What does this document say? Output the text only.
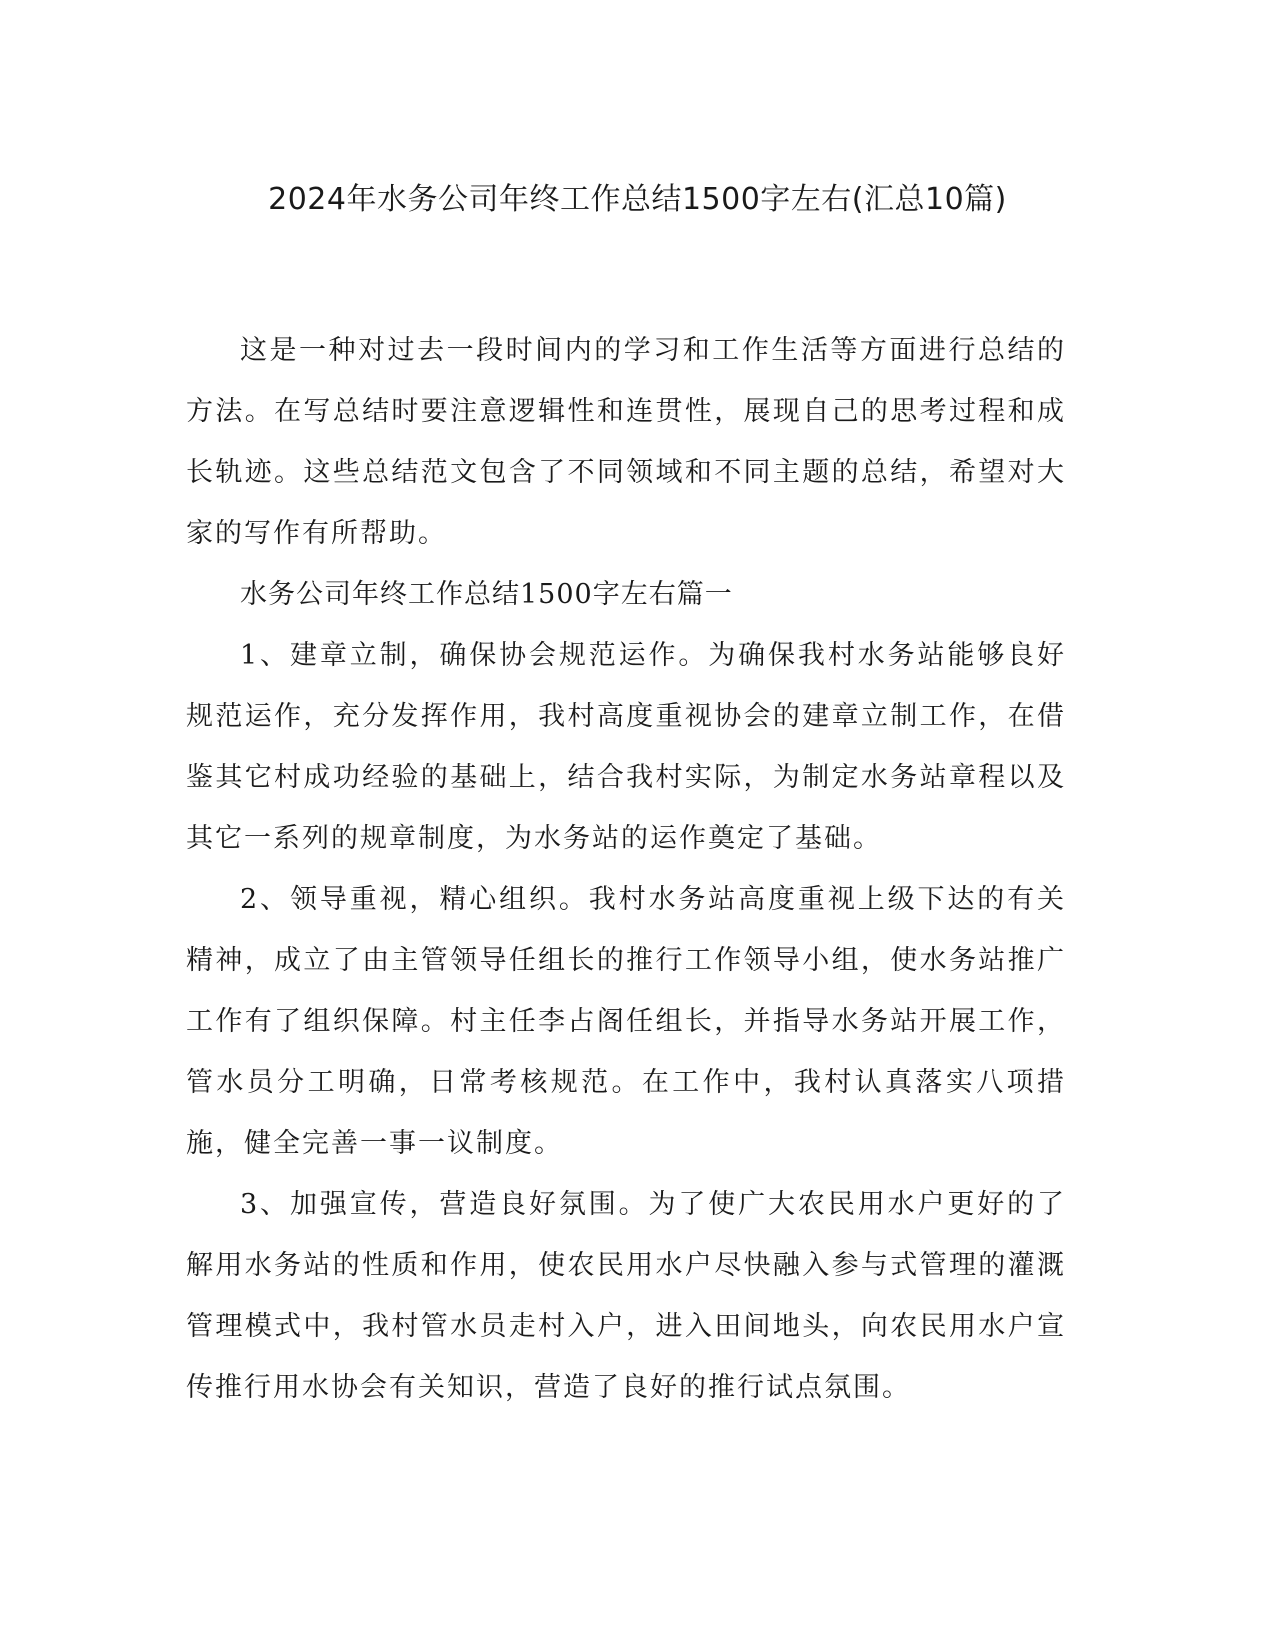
2024年水务公司年终工作总结1500字左右(汇总10篇)

这是一种对过去一段时间内的学习和工作生活等方面进行总结的方法。在写总结时要注意逻辑性和连贯性，展现自己的思考过程和成长轨迹。这些总结范文包含了不同领域和不同主题的总结，希望对大家的写作有所帮助。

水务公司年终工作总结1500字左右篇一

1、建章立制，确保协会规范运作。为确保我村水务站能够良好规范运作，充分发挥作用，我村高度重视协会的建章立制工作，在借鉴其它村成功经验的基础上，结合我村实际，为制定水务站章程以及其它一系列的规章制度，为水务站的运作奠定了基础。

2、领导重视，精心组织。我村水务站高度重视上级下达的有关精神，成立了由主管领导任组长的推行工作领导小组，使水务站推广工作有了组织保障。村主任李占阁任组长，并指导水务站开展工作，管水员分工明确，日常考核规范。在工作中，我村认真落实八项措施，健全完善一事一议制度。

3、加强宣传，营造良好氛围。为了使广大农民用水户更好的了解用水务站的性质和作用，使农民用水户尽快融入参与式管理的灌溉管理模式中，我村管水员走村入户，进入田间地头，向农民用水户宣传推行用水协会有关知识，营造了良好的推行试点氛围。
